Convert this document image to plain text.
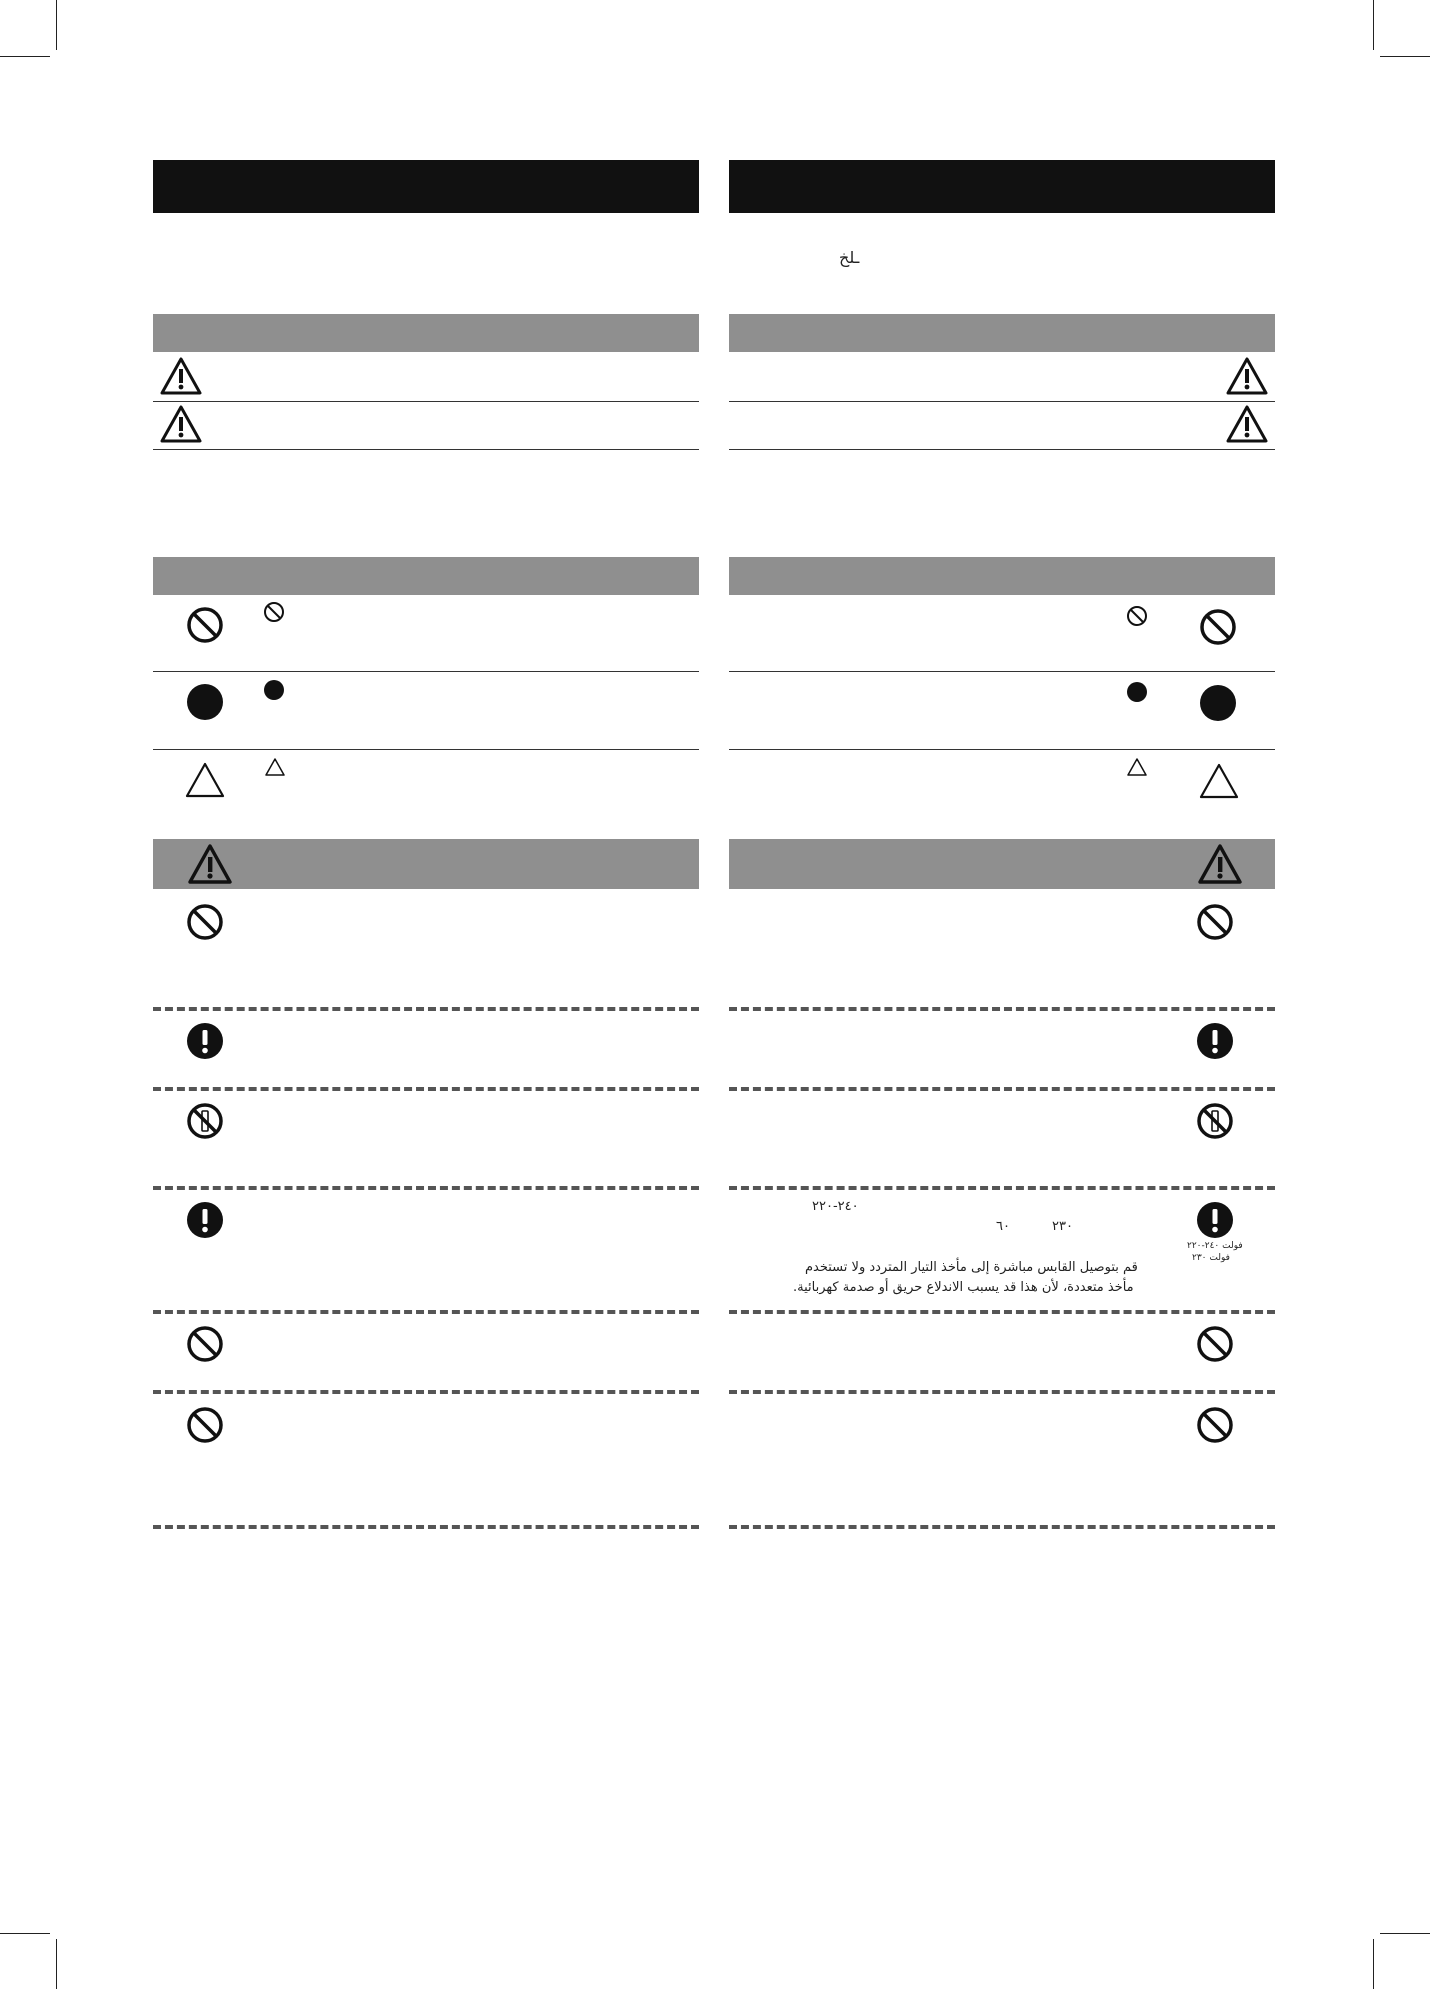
ـلخ
٢٤٠-٢٢٠
٦٠	٢٣٠
فولت ٢٤٠-٢٢٠
فولت ٢٣٠
قم بتوصيل القابس مباشرة إلى مأخذ التيار المتردد ولا تستخدم
مأخذ متعددة، لأن هذا قد يسبب الاندلاع حريق أو صدمة كهربائية.
